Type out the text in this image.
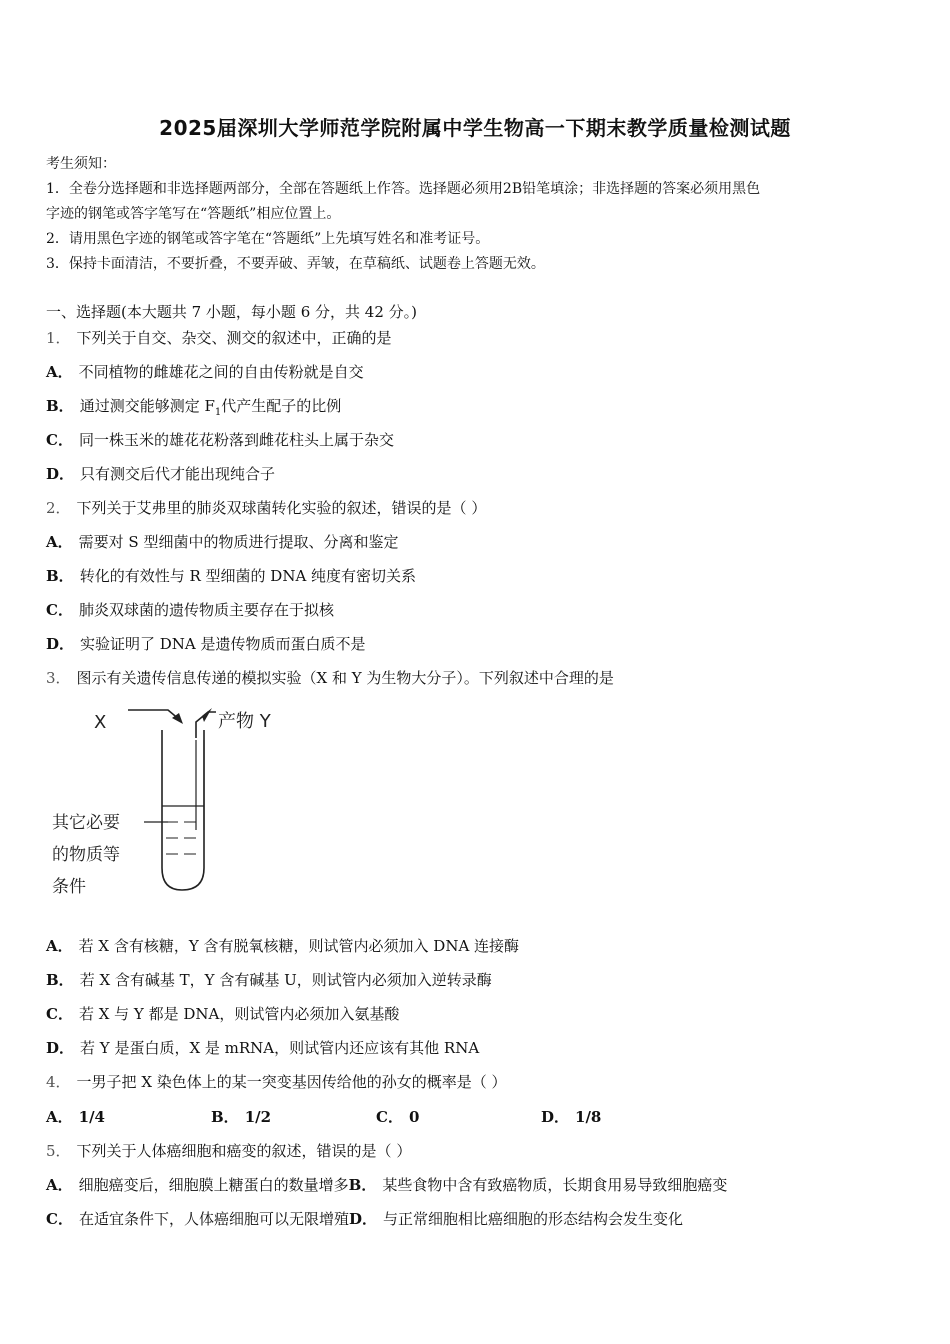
2025届深圳大学师范学院附属中学生物高一下期末教学质量检测试题
考生须知：
1．全卷分选择题和非选择题两部分，全部在答题纸上作答。选择题必须用2B铅笔填涂；非选择题的答案必须用黑色
字迹的钢笔或答字笔写在“答题纸”相应位置上。
2．请用黑色字迹的钢笔或答字笔在“答题纸”上先填写姓名和准考证号。
3．保持卡面清洁，不要折叠，不要弄破、弄皱，在草稿纸、试题卷上答题无效。
一、选择题(本大题共 7 小题，每小题 6 分，共 42 分。)
1． 下列关于自交、杂交、测交的叙述中，正确的是
A． 不同植物的雌雄花之间的自由传粉就是自交
B． 通过测交能够测定 $F_1$代产生配子的比例
C． 同一株玉米的雄花花粉落到雌花柱头上属于杂交
D． 只有测交后代才能出现纯合子
2． 下列关于艾弗里的肺炎双球菌转化实验的叙述，错误的是（ ）
A． 需要对 S 型细菌中的物质进行提取、分离和鉴定
B． 转化的有效性与 R 型细菌的 DNA 纯度有密切关系
C． 肺炎双球菌的遗传物质主要存在于拟核
D． 实验证明了 DNA 是遗传物质而蛋白质不是
3． 图示有关遗传信息传递的模拟实验（X 和 Y 为生物大分子）。下列叙述中合理的是
X	产物 Y
其它必要
的物质等
条件
A． 若 X 含有核糖，Y 含有脱氧核糖，则试管内必须加入 DNA 连接酶
B． 若 X 含有碱基 T，Y 含有碱基 U，则试管内必须加入逆转录酶
C． 若 X 与 Y 都是 DNA，则试管内必须加入氨基酸
D． 若 Y 是蛋白质，X 是 mRNA，则试管内还应该有其他 RNA
4． 一男子把 X 染色体上的某一突变基因传给他的孙女的概率是（ ）
A． 1/4	B． 1/2	C． 0	D． 1/8
5． 下列关于人体癌细胞和癌变的叙述，错误的是（ ）
A． 细胞癌变后，细胞膜上糖蛋白的数量增多B． 某些食物中含有致癌物质，长期食用易导致细胞癌变
C． 在适宜条件下，人体癌细胞可以无限增殖D． 与正常细胞相比癌细胞的形态结构会发生变化
